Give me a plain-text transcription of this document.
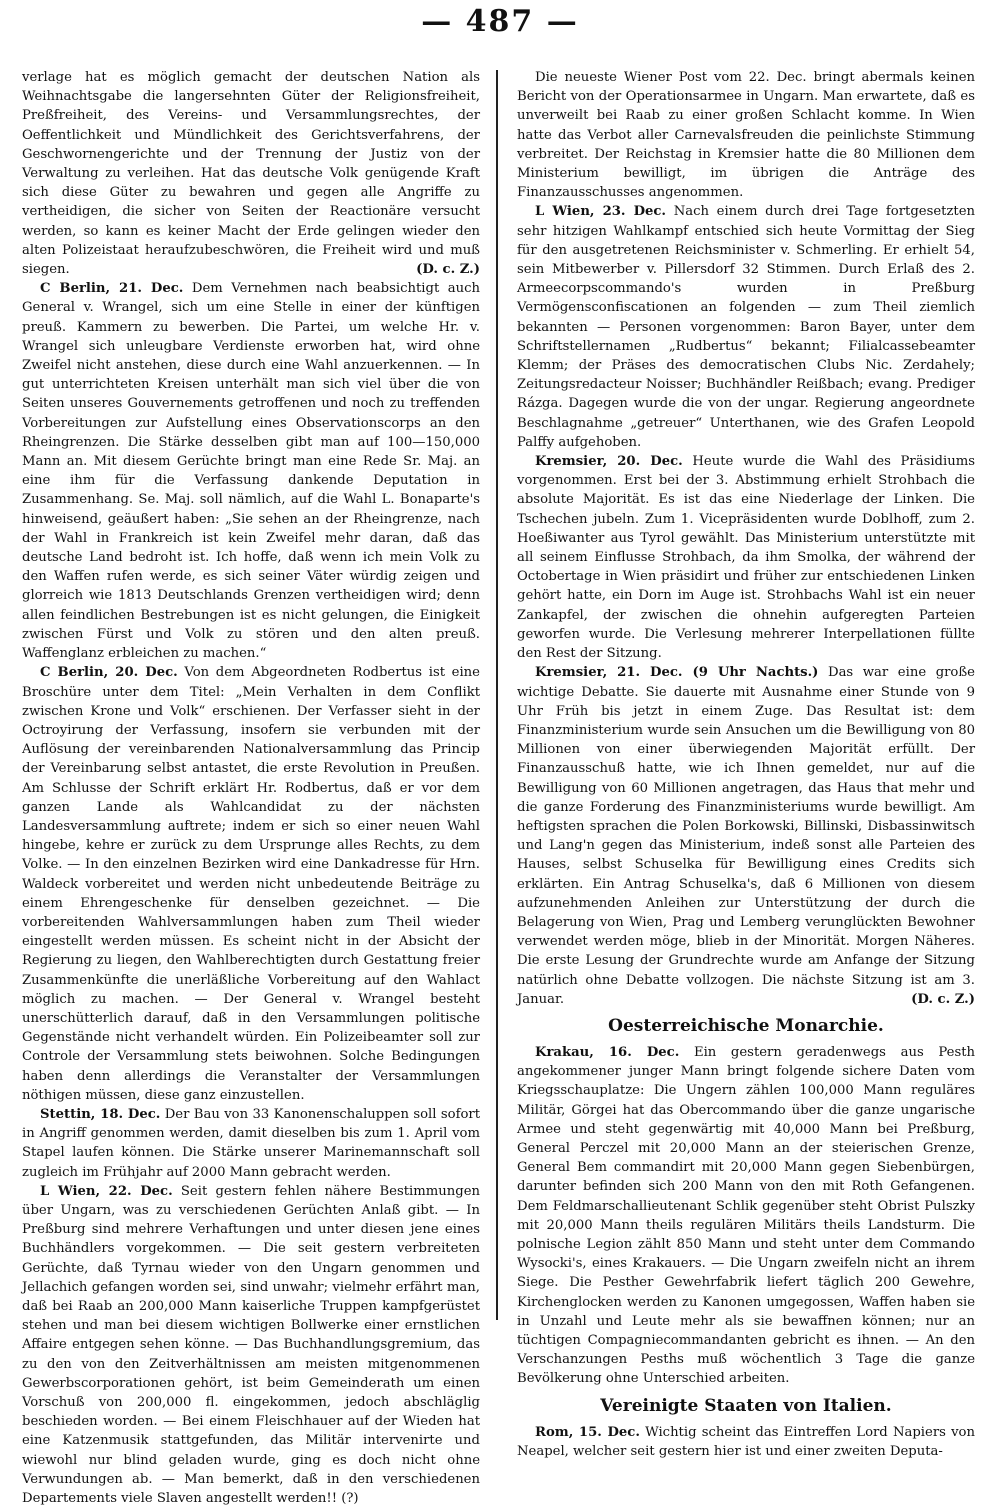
— 487 —

verlage hat es möglich gemacht der deutschen Nation als Weihnachtsgabe die langersehnten Güter der Religionsfreiheit, Preßfreiheit, des Vereins- und Versammlungsrechtes, der Oeffentlichkeit und Mündlichkeit des Gerichtsverfahrens, der Geschwornengerichte und der Trennung der Justiz von der Verwaltung zu verleihen. Hat das deutsche Volk genügende Kraft sich diese Güter zu bewahren und gegen alle Angriffe zu vertheidigen, die sicher von Seiten der Reactionäre versucht werden, so kann es keiner Macht der Erde gelingen wieder den alten Polizeistaat heraufzubeschwören, die Freiheit wird und muß siegen.	(D. c. Z.)

C Berlin, 21. Dec. Dem Vernehmen nach beabsichtigt auch General v. Wrangel, sich um eine Stelle in einer der künftigen preuß. Kammern zu bewerben. Die Partei, um welche Hr. v. Wrangel sich unleugbare Verdienste erworben hat, wird ohne Zweifel nicht anstehen, diese durch eine Wahl anzuerkennen. — In gut unterrichteten Kreisen unterhält man sich viel über die von Seiten unseres Gouvernements getroffenen und noch zu treffenden Vorbereitungen zur Aufstellung eines Observationscorps an den Rheingrenzen. Die Stärke desselben gibt man auf 100—150,000 Mann an. Mit diesem Gerüchte bringt man eine Rede Sr. Maj. an eine ihm für die Verfassung dankende Deputation in Zusammenhang. Se. Maj. soll nämlich, auf die Wahl L. Bonaparte's hinweisend, geäußert haben: „Sie sehen an der Rheingrenze, nach der Wahl in Frankreich ist kein Zweifel mehr daran, daß das deutsche Land bedroht ist. Ich hoffe, daß wenn ich mein Volk zu den Waffen rufen werde, es sich seiner Väter würdig zeigen und glorreich wie 1813 Deutschlands Grenzen vertheidigen wird; denn allen feindlichen Bestrebungen ist es nicht gelungen, die Einigkeit zwischen Fürst und Volk zu stören und den alten preuß. Waffenglanz erbleichen zu machen.“

C Berlin, 20. Dec. Von dem Abgeordneten Rodbertus ist eine Broschüre unter dem Titel: „Mein Verhalten in dem Conflikt zwischen Krone und Volk“ erschienen. Der Verfasser sieht in der Octroyirung der Verfassung, insofern sie verbunden mit der Auflösung der vereinbarenden Nationalversammlung das Princip der Vereinbarung selbst antastet, die erste Revolution in Preußen. Am Schlusse der Schrift erklärt Hr. Rodbertus, daß er vor dem ganzen Lande als Wahlcandidat zu der nächsten Landesversammlung auftrete; indem er sich so einer neuen Wahl hingebe, kehre er zurück zu dem Ursprunge alles Rechts, zu dem Volke. — In den einzelnen Bezirken wird eine Dankadresse für Hrn. Waldeck vorbereitet und werden nicht unbedeutende Beiträge zu einem Ehrengeschenke für denselben gezeichnet. — Die vorbereitenden Wahlversammlungen haben zum Theil wieder eingestellt werden müssen. Es scheint nicht in der Absicht der Regierung zu liegen, den Wahlberechtigten durch Gestattung freier Zusammenkünfte die unerläßliche Vorbereitung auf den Wahlact möglich zu machen. — Der General v. Wrangel besteht unerschütterlich darauf, daß in den Versammlungen politische Gegenstände nicht verhandelt würden. Ein Polizeibeamter soll zur Controle der Versammlung stets beiwohnen. Solche Bedingungen haben denn allerdings die Veranstalter der Versammlungen nöthigen müssen, diese ganz einzustellen.

Stettin, 18. Dec. Der Bau von 33 Kanonenschaluppen soll sofort in Angriff genommen werden, damit dieselben bis zum 1. April vom Stapel laufen können. Die Stärke unserer Marinemannschaft soll zugleich im Frühjahr auf 2000 Mann gebracht werden.

L Wien, 22. Dec. Seit gestern fehlen nähere Bestimmungen über Ungarn, was zu verschiedenen Gerüchten Anlaß gibt. — In Preßburg sind mehrere Verhaftungen und unter diesen jene eines Buchhändlers vorgekommen. — Die seit gestern verbreiteten Gerüchte, daß Tyrnau wieder von den Ungarn genommen und Jellachich gefangen worden sei, sind unwahr; vielmehr erfährt man, daß bei Raab an 200,000 Mann kaiserliche Truppen kampfgerüstet stehen und man bei diesem wichtigen Bollwerke einer ernstlichen Affaire entgegen sehen könne. — Das Buchhandlungsgremium, das zu den von den Zeitverhältnissen am meisten mitgenommenen Gewerbscorporationen gehört, ist beim Gemeinderath um einen Vorschuß von 200,000 fl. eingekommen, jedoch abschläglig beschieden worden. — Bei einem Fleischhauer auf der Wieden hat eine Katzenmusik stattgefunden, das Militär intervenirte und wiewohl nur blind geladen wurde, ging es doch nicht ohne Verwundungen ab. — Man bemerkt, daß in den verschiedenen Departements viele Slaven angestellt werden!! (?)

Die neueste Wiener Post vom 22. Dec. bringt abermals keinen Bericht von der Operationsarmee in Ungarn. Man erwartete, daß es unverweilt bei Raab zu einer großen Schlacht komme. In Wien hatte das Verbot aller Carnevalsfreuden die peinlichste Stimmung verbreitet. Der Reichstag in Kremsier hatte die 80 Millionen dem Ministerium bewilligt, im übrigen die Anträge des Finanzausschusses angenommen.

L Wien, 23. Dec. Nach einem durch drei Tage fortgesetzten sehr hitzigen Wahlkampf entschied sich heute Vormittag der Sieg für den ausgetretenen Reichsminister v. Schmerling. Er erhielt 54, sein Mitbewerber v. Pillersdorf 32 Stimmen. Durch Erlaß des 2. Armeecorpscommando's wurden in Preßburg Vermögensconfiscationen an folgenden — zum Theil ziemlich bekannten — Personen vorgenommen: Baron Bayer, unter dem Schriftstellernamen „Rudbertus“ bekannt; Filialcassebeamter Klemm; der Präses des democratischen Clubs Nic. Zerdahely; Zeitungsredacteur Noisser; Buchhändler Reißbach; evang. Prediger Rázga. Dagegen wurde die von der ungar. Regierung angeordnete Beschlagnahme „getreuer“ Unterthanen, wie des Grafen Leopold Palffy aufgehoben.

Kremsier, 20. Dec. Heute wurde die Wahl des Präsidiums vorgenommen. Erst bei der 3. Abstimmung erhielt Strohbach die absolute Majorität. Es ist das eine Niederlage der Linken. Die Tschechen jubeln. Zum 1. Vicepräsidenten wurde Doblhoff, zum 2. Hoeßiwanter aus Tyrol gewählt. Das Ministerium unterstützte mit all seinem Einflusse Strohbach, da ihm Smolka, der während der Octobertage in Wien präsidirt und früher zur entschiedenen Linken gehört hatte, ein Dorn im Auge ist. Strohbachs Wahl ist ein neuer Zankapfel, der zwischen die ohnehin aufgeregten Parteien geworfen wurde. Die Verlesung mehrerer Interpellationen füllte den Rest der Sitzung.

Kremsier, 21. Dec. (9 Uhr Nachts.) Das war eine große wichtige Debatte. Sie dauerte mit Ausnahme einer Stunde von 9 Uhr Früh bis jetzt in einem Zuge. Das Resultat ist: dem Finanzministerium wurde sein Ansuchen um die Bewilligung von 80 Millionen von einer überwiegenden Majorität erfüllt. Der Finanzausschuß hatte, wie ich Ihnen gemeldet, nur auf die Bewilligung von 60 Millionen angetragen, das Haus that mehr und die ganze Forderung des Finanzministeriums wurde bewilligt. Am heftigsten sprachen die Polen Borkowski, Billinski, Disbassinwitsch und Lang'n gegen das Ministerium, indeß sonst alle Parteien des Hauses, selbst Schuselka für Bewilligung eines Credits sich erklärten. Ein Antrag Schuselka's, daß 6 Millionen von diesem aufzunehmenden Anleihen zur Unterstützung der durch die Belagerung von Wien, Prag und Lemberg verunglückten Bewohner verwendet werden möge, blieb in der Minorität. Morgen Näheres. Die erste Lesung der Grundrechte wurde am Anfange der Sitzung natürlich ohne Debatte vollzogen. Die nächste Sitzung ist am 3. Januar.	(D. c. Z.)

Oesterreichische Monarchie.

Krakau, 16. Dec. Ein gestern geradenwegs aus Pesth angekommener junger Mann bringt folgende sichere Daten vom Kriegsschauplatze: Die Ungern zählen 100,000 Mann reguläres Militär, Görgei hat das Obercommando über die ganze ungarische Armee und steht gegenwärtig mit 40,000 Mann bei Preßburg, General Perczel mit 20,000 Mann an der steierischen Grenze, General Bem commandirt mit 20,000 Mann gegen Siebenbürgen, darunter befinden sich 200 Mann von den mit Roth Gefangenen. Dem Feldmarschallieutenant Schlik gegenüber steht Obrist Pulszky mit 20,000 Mann theils regulären Militärs theils Landsturm. Die polnische Legion zählt 850 Mann und steht unter dem Commando Wysocki's, eines Krakauers. — Die Ungarn zweifeln nicht an ihrem Siege. Die Pesther Gewehrfabrik liefert täglich 200 Gewehre, Kirchenglocken werden zu Kanonen umgegossen, Waffen haben sie in Unzahl und Leute mehr als sie bewaffnen können; nur an tüchtigen Compagniecommandanten gebricht es ihnen. — An den Verschanzungen Pesths muß wöchentlich 3 Tage die ganze Bevölkerung ohne Unterschied arbeiten.

Vereinigte Staaten von Italien.

Rom, 15. Dec. Wichtig scheint das Eintreffen Lord Napiers von Neapel, welcher seit gestern hier ist und einer zweiten Deputa-
